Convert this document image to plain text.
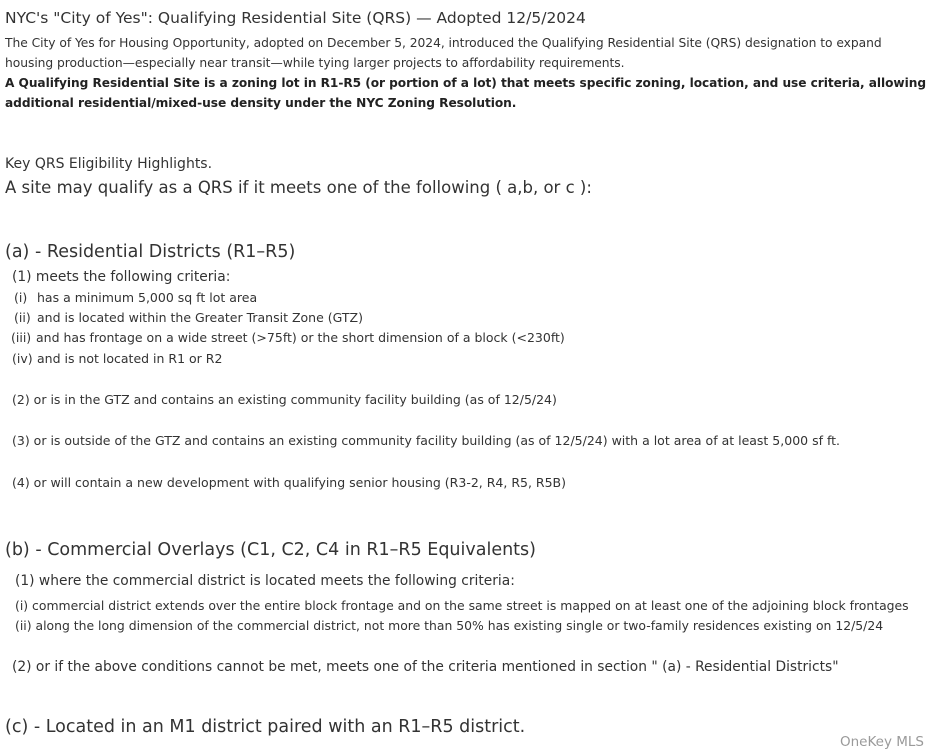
NYC's "City of Yes": Qualifying Residential Site (QRS) — Adopted 12/5/2024
The City of Yes for Housing Opportunity, adopted on December 5, 2024, introduced the Qualifying Residential Site (QRS) designation to expand
housing production—especially near transit—while tying larger projects to affordability requirements.
A Qualifying Residential Site is a zoning lot in R1-R5 (or portion of a lot) that meets specific zoning, location, and use criteria, allowing
additional residential/mixed-use density under the NYC Zoning Resolution.
Key QRS Eligibility Highlights.
A site may qualify as a QRS if it meets one of the following ( a,b, or c ):
(a) - Residential Districts (R1–R5)
(1) meets the following criteria:
(i) has a minimum 5,000 sq ft lot area
(ii) and is located within the Greater Transit Zone (GTZ)
(iii) and has frontage on a wide street (>75ft) or the short dimension of a block (<230ft)
(iv) and is not located in R1 or R2
(2) or is in the GTZ and contains an existing community facility building (as of 12/5/24)
(3) or is outside of the GTZ and contains an existing community facility building (as of 12/5/24) with a lot area of at least 5,000 sf ft.
(4) or will contain a new development with qualifying senior housing (R3-2, R4, R5, R5B)
(b) - Commercial Overlays (C1, C2, C4 in R1–R5 Equivalents)
(1) where the commercial district is located meets the following criteria:
(i) commercial district extends over the entire block frontage and on the same street is mapped on at least one of the adjoining block frontages
(ii) along the long dimension of the commercial district, not more than 50% has existing single or two-family residences existing on 12/5/24
(2) or if the above conditions cannot be met, meets one of the criteria mentioned in section " (a) - Residential Districts"
(c) - Located in an M1 district paired with an R1–R5 district.
OneKey MLS
